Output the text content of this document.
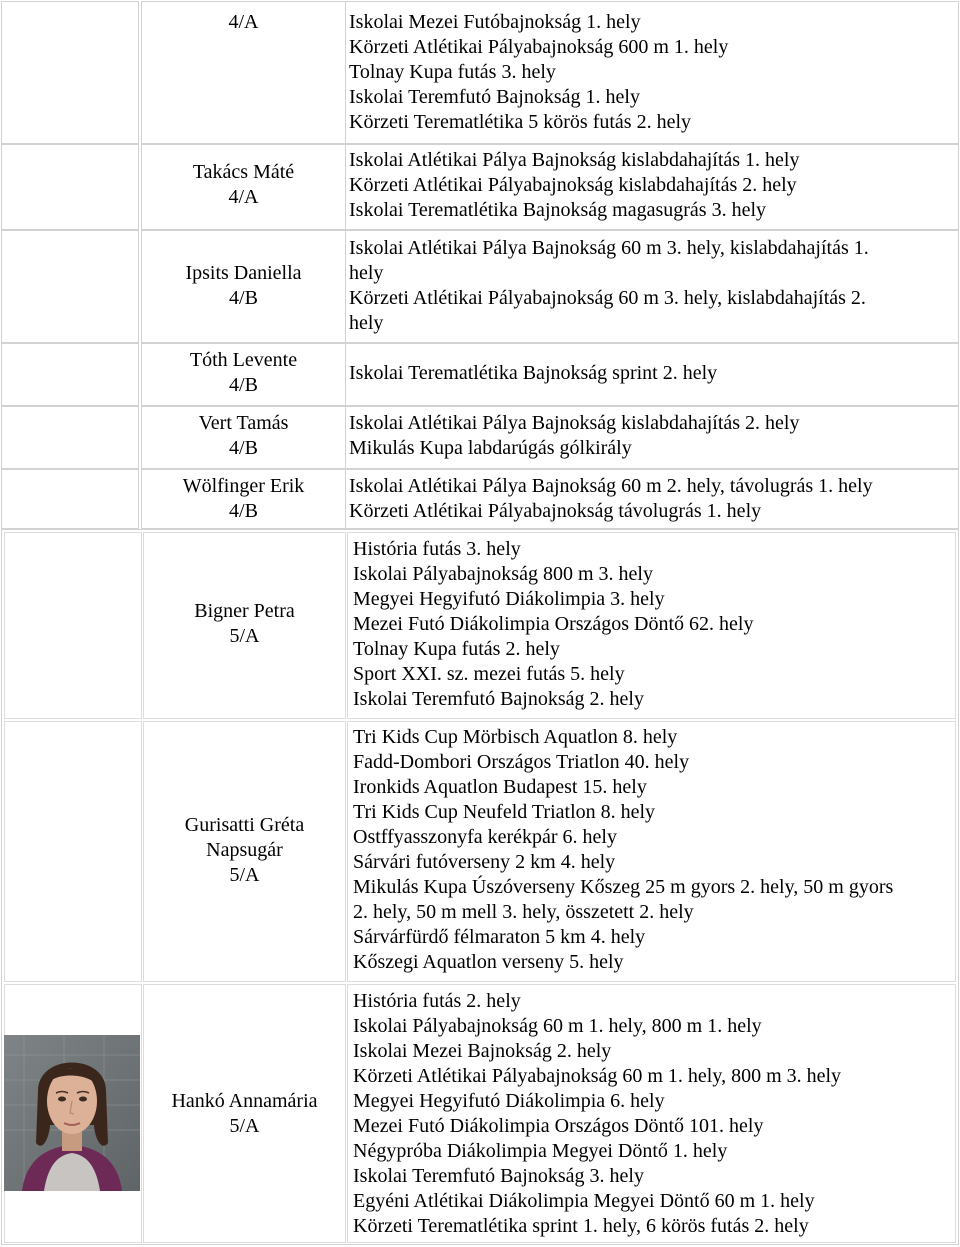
4/A	Iskolai Mezei Futóbajnokság 1. hely
Körzeti Atlétikai Pályabajnokság 600 m 1. hely
Tolnay Kupa futás 3. hely
Iskolai Teremfutó Bajnokság 1. hely
Körzeti Terematlétika 5 körös futás 2. hely
Takács Máté
4/A
Iskolai Atlétikai Pálya Bajnokság kislabdahajítás 1. hely
Körzeti Atlétikai Pályabajnokság kislabdahajítás 2. hely
Iskolai Terematlétika Bajnokság magasugrás 3. hely
Ipsits Daniella
4/B
Iskolai Atlétikai Pálya Bajnokság 60 m 3. hely, kislabdahajítás 1.
hely
Körzeti Atlétikai Pályabajnokság 60 m 3. hely, kislabdahajítás 2.
hely
Tóth Levente
4/B
Iskolai Terematlétika Bajnokság sprint 2. hely
Vert Tamás
4/B
Iskolai Atlétikai Pálya Bajnokság kislabdahajítás 2. hely
Mikulás Kupa labdarúgás gólkirály
Wölfinger Erik
4/B
Iskolai Atlétikai Pálya Bajnokság 60 m 2. hely, távolugrás 1. hely
Körzeti Atlétikai Pályabajnokság távolugrás 1. hely
Bigner Petra
5/A
História futás 3. hely
Iskolai Pályabajnokság 800 m 3. hely
Megyei Hegyifutó Diákolimpia 3. hely
Mezei Futó Diákolimpia Országos Döntő 62. hely
Tolnay Kupa futás 2. hely
Sport XXI. sz. mezei futás 5. hely
Iskolai Teremfutó Bajnokság 2. hely
Gurisatti Gréta
Napsugár
5/A
Tri Kids Cup Mörbisch Aquatlon 8. hely
Fadd-Dombori Országos Triatlon 40. hely
Ironkids Aquatlon Budapest 15. hely
Tri Kids Cup Neufeld Triatlon 8. hely
Ostffyasszonyfa kerékpár 6. hely
Sárvári futóverseny 2 km 4. hely
Mikulás Kupa Úszóverseny Kőszeg 25 m gyors 2. hely, 50 m gyors
2. hely, 50 m mell 3. hely, összetett 2. hely
Sárvárfürdő félmaraton 5 km 4. hely
Kőszegi Aquatlon verseny 5. hely
Hankó Annamária
5/A
História futás 2. hely
Iskolai Pályabajnokság 60 m 1. hely, 800 m 1. hely
Iskolai Mezei Bajnokság 2. hely
Körzeti Atlétikai Pályabajnokság 60 m 1. hely, 800 m 3. hely
Megyei Hegyifutó Diákolimpia 6. hely
Mezei Futó Diákolimpia Országos Döntő 101. hely
Négypróba Diákolimpia Megyei Döntő 1. hely
Iskolai Teremfutó Bajnokság 3. hely
Egyéni Atlétikai Diákolimpia Megyei Döntő 60 m 1. hely
Körzeti Terematlétika sprint 1. hely, 6 körös futás 2. hely
